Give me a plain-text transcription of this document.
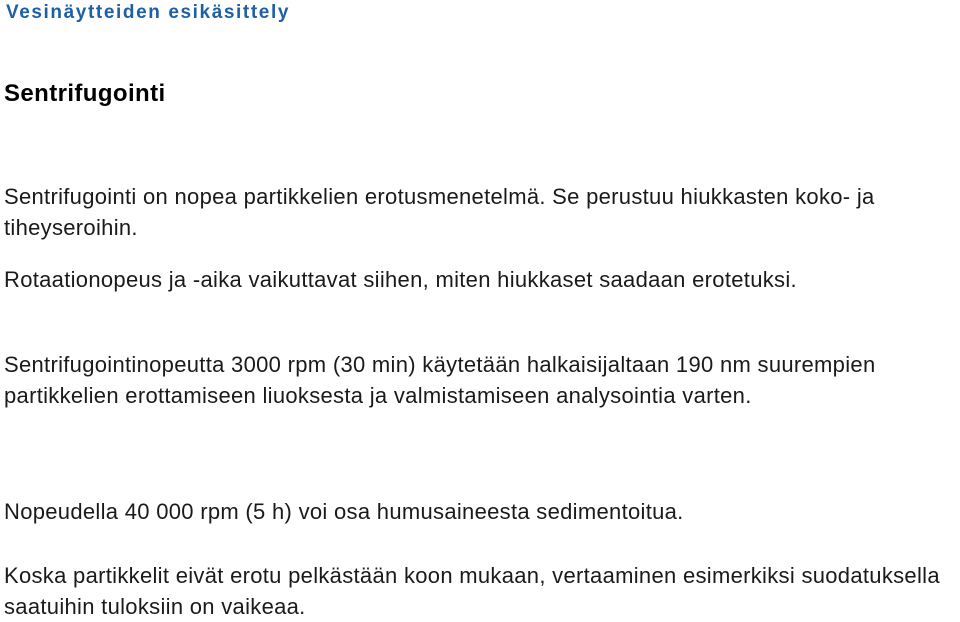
Vesinäytteiden esikäsittely
Sentrifugointi
Sentrifugointi on nopea partikkelien erotusmenetelmä. Se perustuu hiukkasten koko- ja tiheyseroihin.
Rotaationopeus ja -aika vaikuttavat siihen, miten hiukkaset saadaan erotetuksi.
Sentrifugointinopeutta 3000 rpm (30 min) käytetään halkaisijaltaan 190 nm suurempien partikkelien erottamiseen liuoksesta ja valmistamiseen analysointia varten.
Nopeudella 40 000 rpm (5 h) voi osa humusaineesta sedimentoitua.
Koska partikkelit eivät erotu pelkästään koon mukaan, vertaaminen esimerkiksi suodatuksella saatuihin tuloksiin on vaikeaa.
